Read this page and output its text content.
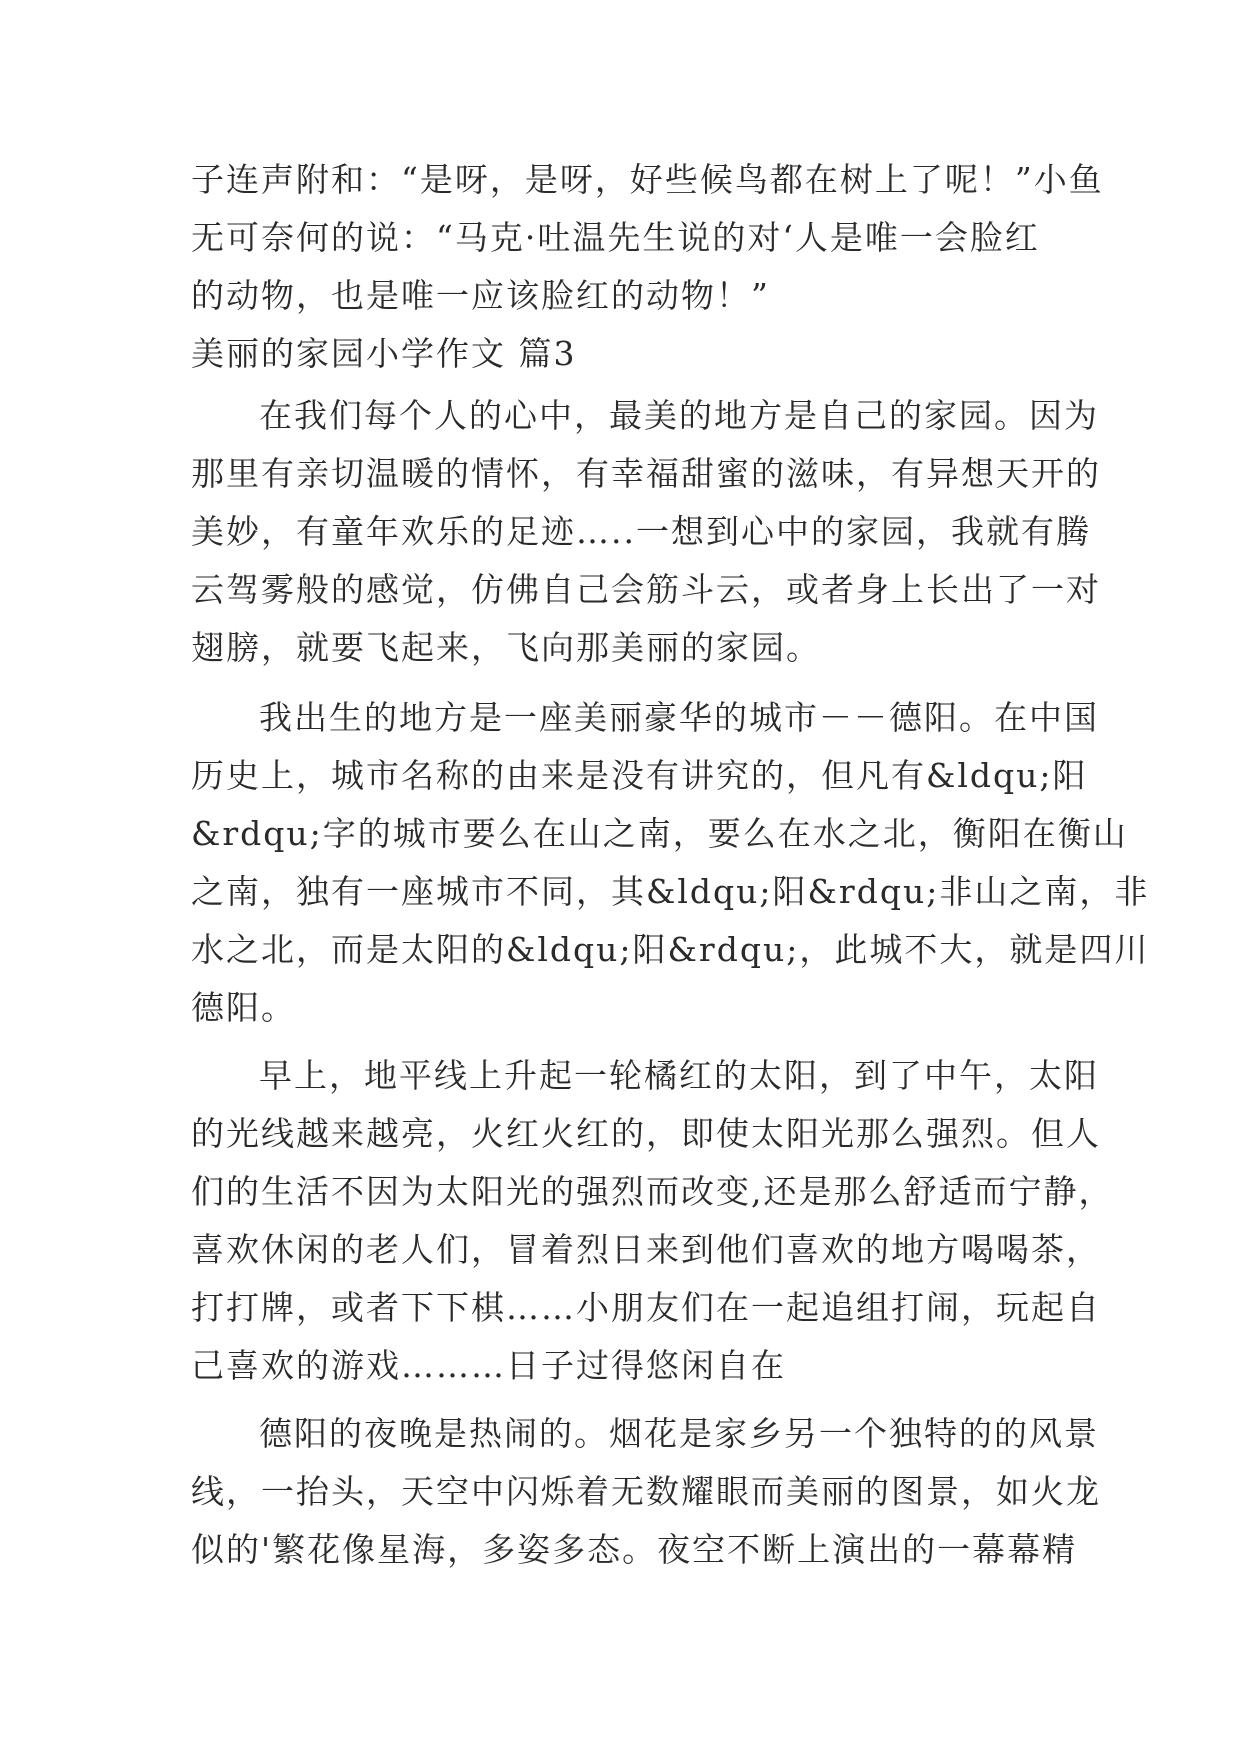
子连声附和：“是呀，是呀，好些候鸟都在树上了呢！”小鱼
无可奈何的说：“马克·吐温先生说的对‘人是唯一会脸红
的动物，也是唯一应该脸红的动物！”
美丽的家园小学作文 篇3
在我们每个人的心中，最美的地方是自己的家园。因为
那里有亲切温暖的情怀，有幸福甜蜜的滋味，有异想天开的
美妙，有童年欢乐的足迹…..一想到心中的家园，我就有腾
云驾雾般的感觉，仿佛自己会筋斗云，或者身上长出了一对
翅膀，就要飞起来，飞向那美丽的家园。
我出生的地方是一座美丽豪华的城市－－德阳。在中国
历史上，城市名称的由来是没有讲究的，但凡有&ldqu;阳
&rdqu;字的城市要么在山之南，要么在水之北，衡阳在衡山
之南，独有一座城市不同，其&ldqu;阳&rdqu;非山之南，非
水之北，而是太阳的&ldqu;阳&rdqu;，此城不大，就是四川
德阳。
早上，地平线上升起一轮橘红的太阳，到了中午，太阳
的光线越来越亮，火红火红的，即使太阳光那么强烈。但人
们的生活不因为太阳光的强烈而改变,还是那么舒适而宁静，
喜欢休闲的老人们，冒着烈日来到他们喜欢的地方喝喝茶，
打打牌，或者下下棋……小朋友们在一起追组打闹，玩起自
己喜欢的游戏………日子过得悠闲自在
德阳的夜晚是热闹的。烟花是家乡另一个独特的的风景
线，一抬头，天空中闪烁着无数耀眼而美丽的图景，如火龙
似的'繁花像星海，多姿多态。夜空不断上演出的一幕幕精
